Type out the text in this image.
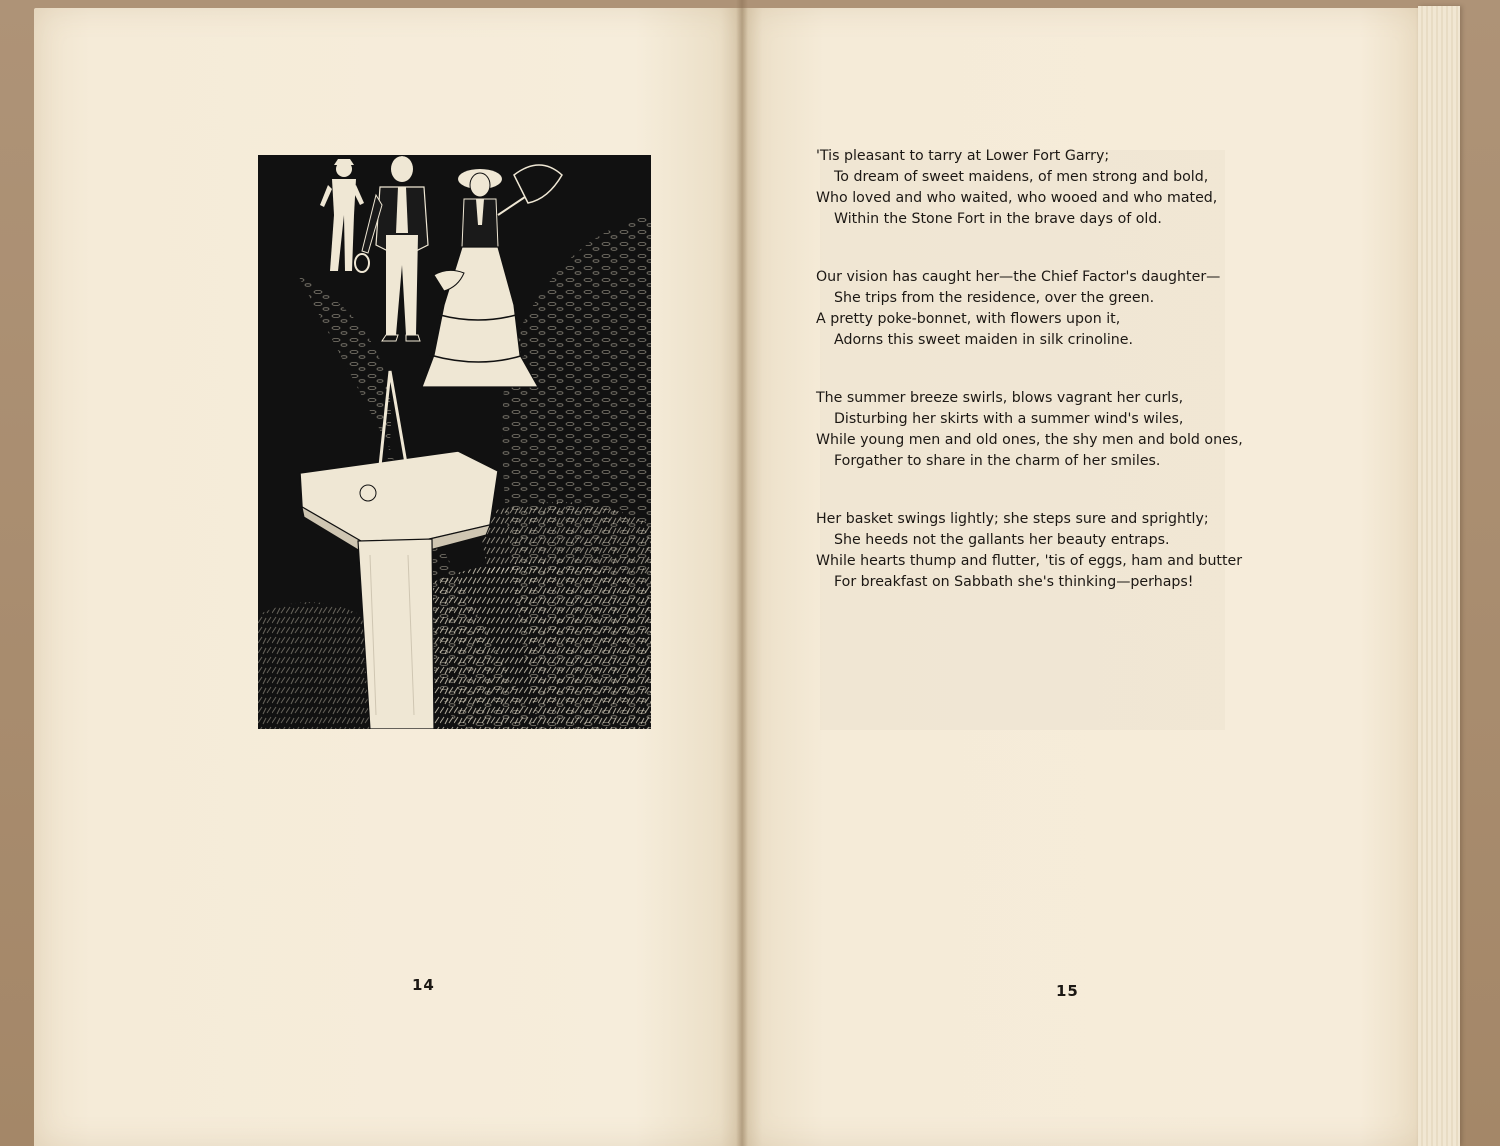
14
'Tis pleasant to tarry at Lower Fort Garry;
To dream of sweet maidens, of men strong and bold,
Who loved and who waited, who wooed and who mated,
Within the Stone Fort in the brave days of old.
Our vision has caught her—the Chief Factor's daughter—
She trips from the residence, over the green.
A pretty poke-bonnet, with flowers upon it,
Adorns this sweet maiden in silk crinoline.
The summer breeze swirls, blows vagrant her curls,
Disturbing her skirts with a summer wind's wiles,
While young men and old ones, the shy men and bold ones,
Forgather to share in the charm of her smiles.
Her basket swings lightly; she steps sure and sprightly;
She heeds not the gallants her beauty entraps.
While hearts thump and flutter, 'tis of eggs, ham and butter
For breakfast on Sabbath she's thinking—perhaps!
15
